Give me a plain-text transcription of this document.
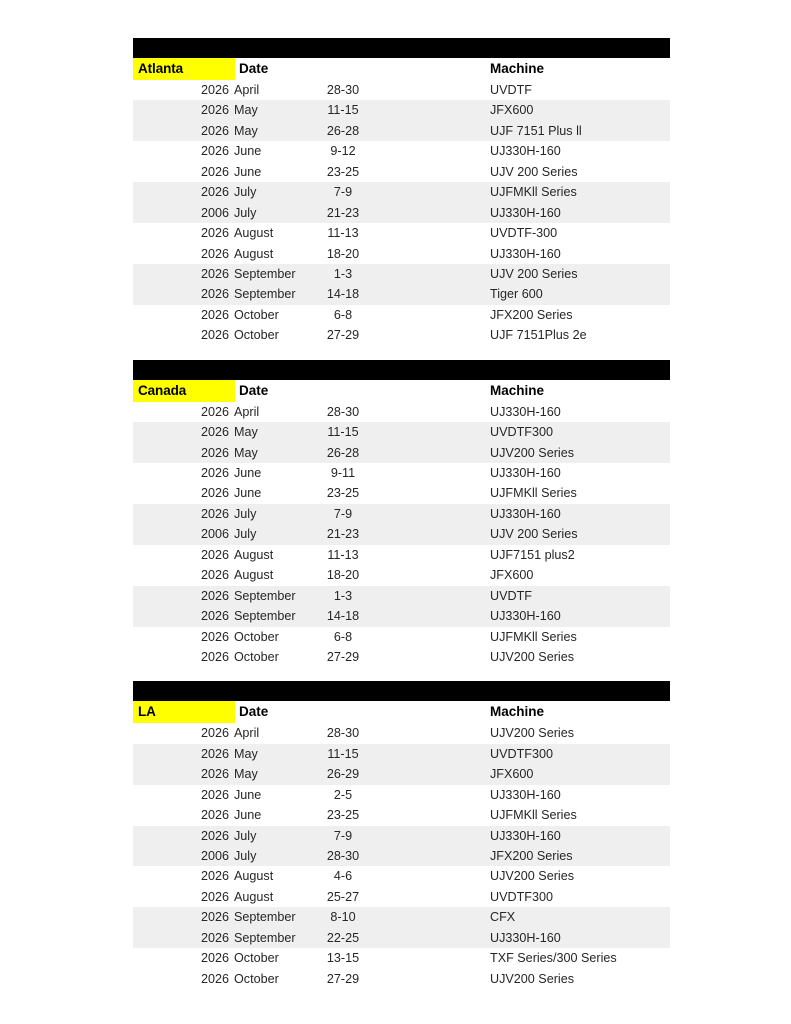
Atlanta	Date	Machine
2026 April	28-30	UVDTF
2026 May	11-15	JFX600
2026 May	26-28	UJF 7151 Plus ll
2026 June	9-12	UJ330H-160
2026 June	23-25	UJV 200 Series
2026 July	7-9	UJFMKll Series
2006 July	21-23	UJ330H-160
2026 August	11-13	UVDTF-300
2026 August	18-20	UJ330H-160
2026 September	1-3	UJV 200 Series
2026 September	14-18	Tiger 600
2026 October	6-8	JFX200 Series
2026 October	27-29	UJF 7151Plus 2e
Canada	Date	Machine
2026 April	28-30	UJ330H-160
2026 May	11-15	UVDTF300
2026 May	26-28	UJV200 Series
2026 June	9-11	UJ330H-160
2026 June	23-25	UJFMKll Series
2026 July	7-9	UJ330H-160
2006 July	21-23	UJV 200 Series
2026 August	11-13	UJF7151 plus2
2026 August	18-20	JFX600
2026 September	1-3	UVDTF
2026 September	14-18	UJ330H-160
2026 October	6-8	UJFMKll Series
2026 October	27-29	UJV200 Series
LA	Date	Machine
2026 April	28-30	UJV200 Series
2026 May	11-15	UVDTF300
2026 May	26-29	JFX600
2026 June	2-5	UJ330H-160
2026 June	23-25	UJFMKll Series
2026 July	7-9	UJ330H-160
2006 July	28-30	JFX200 Series
2026 August	4-6	UJV200 Series
2026 August	25-27	UVDTF300
2026 September	8-10	CFX
2026 September	22-25	UJ330H-160
2026 October	13-15	TXF Series/300 Series
2026 October	27-29	UJV200 Series
